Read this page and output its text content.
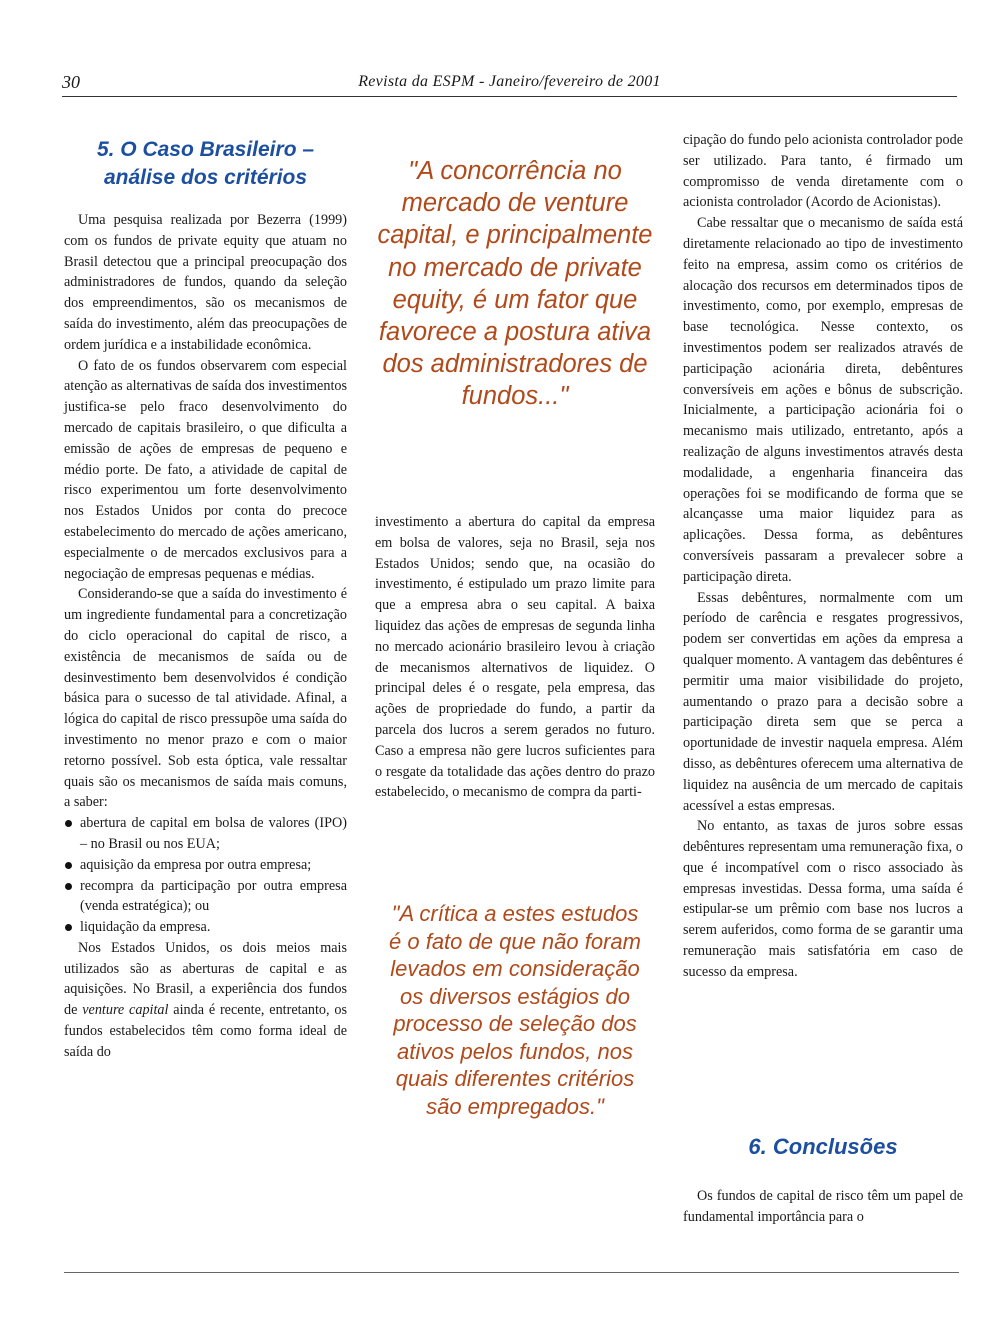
30	Revista da ESPM - Janeiro/fevereiro de 2001
5. O Caso Brasileiro –
análise dos critérios

Uma pesquisa realizada por Bezerra (1999) com os fundos de private equity que atuam no Brasil detectou que a principal preocupação dos administradores de fundos, quando da seleção dos empreendimentos, são os mecanismos de saída do investimento, além das preocupações de ordem jurídica e a instabilidade econômica.

O fato de os fundos observarem com especial atenção as alternativas de saída dos investimentos justifica-se pelo fraco desenvolvimento do mercado de capitais brasileiro, o que dificulta a emissão de ações de empresas de pequeno e médio porte. De fato, a atividade de capital de risco experimentou um forte desenvolvimento nos Estados Unidos por conta do precoce estabelecimento do mercado de ações americano, especialmente o de mercados exclusivos para a negociação de empresas pequenas e médias.

Considerando-se que a saída do investimento é um ingrediente fundamental para a concretização do ciclo operacional do capital de risco, a existência de mecanismos de saída ou de desinvestimento bem desenvolvidos é condição básica para o sucesso de tal atividade. Afinal, a lógica do capital de risco pressupõe uma saída do investimento no menor prazo e com o maior retorno possível. Sob esta óptica, vale ressaltar quais são os mecanismos de saída mais comuns, a saber:

abertura de capital em bolsa de valores (IPO) – no Brasil ou nos EUA;
aquisição da empresa por outra empresa;
recompra da participação por outra empresa (venda estratégica); ou
liquidação da empresa.

Nos Estados Unidos, os dois meios mais utilizados são as aberturas de capital e as aquisições. No Brasil, a experiência dos fundos de venture capital ainda é recente, entretanto, os fundos estabelecidos têm como forma ideal de saída do

"A concorrência no mercado de venture capital, e principalmente no mercado de private equity, é um fator que favorece a postura ativa dos administradores de fundos..."

investimento a abertura do capital da empresa em bolsa de valores, seja no Brasil, seja nos Estados Unidos; sendo que, na ocasião do investimento, é estipulado um prazo limite para que a empresa abra o seu capital. A baixa liquidez das ações de empresas de segunda linha no mercado acionário brasileiro levou à criação de mecanismos alternativos de liquidez. O principal deles é o resgate, pela empresa, das ações de propriedade do fundo, a partir da parcela dos lucros a serem gerados no futuro. Caso a empresa não gere lucros suficientes para o resgate da totalidade das ações dentro do prazo estabelecido, o mecanismo de compra da parti-

"A crítica a estes estudos é o fato de que não foram levados em consideração os diversos estágios do processo de seleção dos ativos pelos fundos, nos quais diferentes critérios são empregados."

cipação do fundo pelo acionista controlador pode ser utilizado. Para tanto, é firmado um compromisso de venda diretamente com o acionista controlador (Acordo de Acionistas).

Cabe ressaltar que o mecanismo de saída está diretamente relacionado ao tipo de investimento feito na empresa, assim como os critérios de alocação dos recursos em determinados tipos de investimento, como, por exemplo, empresas de base tecnológica. Nesse contexto, os investimentos podem ser realizados através de participação acionária direta, debêntures conversíveis em ações e bônus de subscrição. Inicialmente, a participação acionária foi o mecanismo mais utilizado, entretanto, após a realização de alguns investimentos através desta modalidade, a engenharia financeira das operações foi se modificando de forma que se alcançasse uma maior liquidez para as aplicações. Dessa forma, as debêntures conversíveis passaram a prevalecer sobre a participação direta.

Essas debêntures, normalmente com um período de carência e resgates progressivos, podem ser convertidas em ações da empresa a qualquer momento. A vantagem das debêntures é permitir uma maior visibilidade do projeto, aumentando o prazo para a decisão sobre a participação direta sem que se perca a oportunidade de investir naquela empresa. Além disso, as debêntures oferecem uma alternativa de liquidez na ausência de um mercado de capitais acessível a estas empresas.

No entanto, as taxas de juros sobre essas debêntures representam uma remuneração fixa, o que é incompatível com o risco associado às empresas investidas. Dessa forma, uma saída é estipular-se um prêmio com base nos lucros a serem auferidos, como forma de se garantir uma remuneração mais satisfatória em caso de sucesso da empresa.

6. Conclusões

Os fundos de capital de risco têm um papel de fundamental importância para o
